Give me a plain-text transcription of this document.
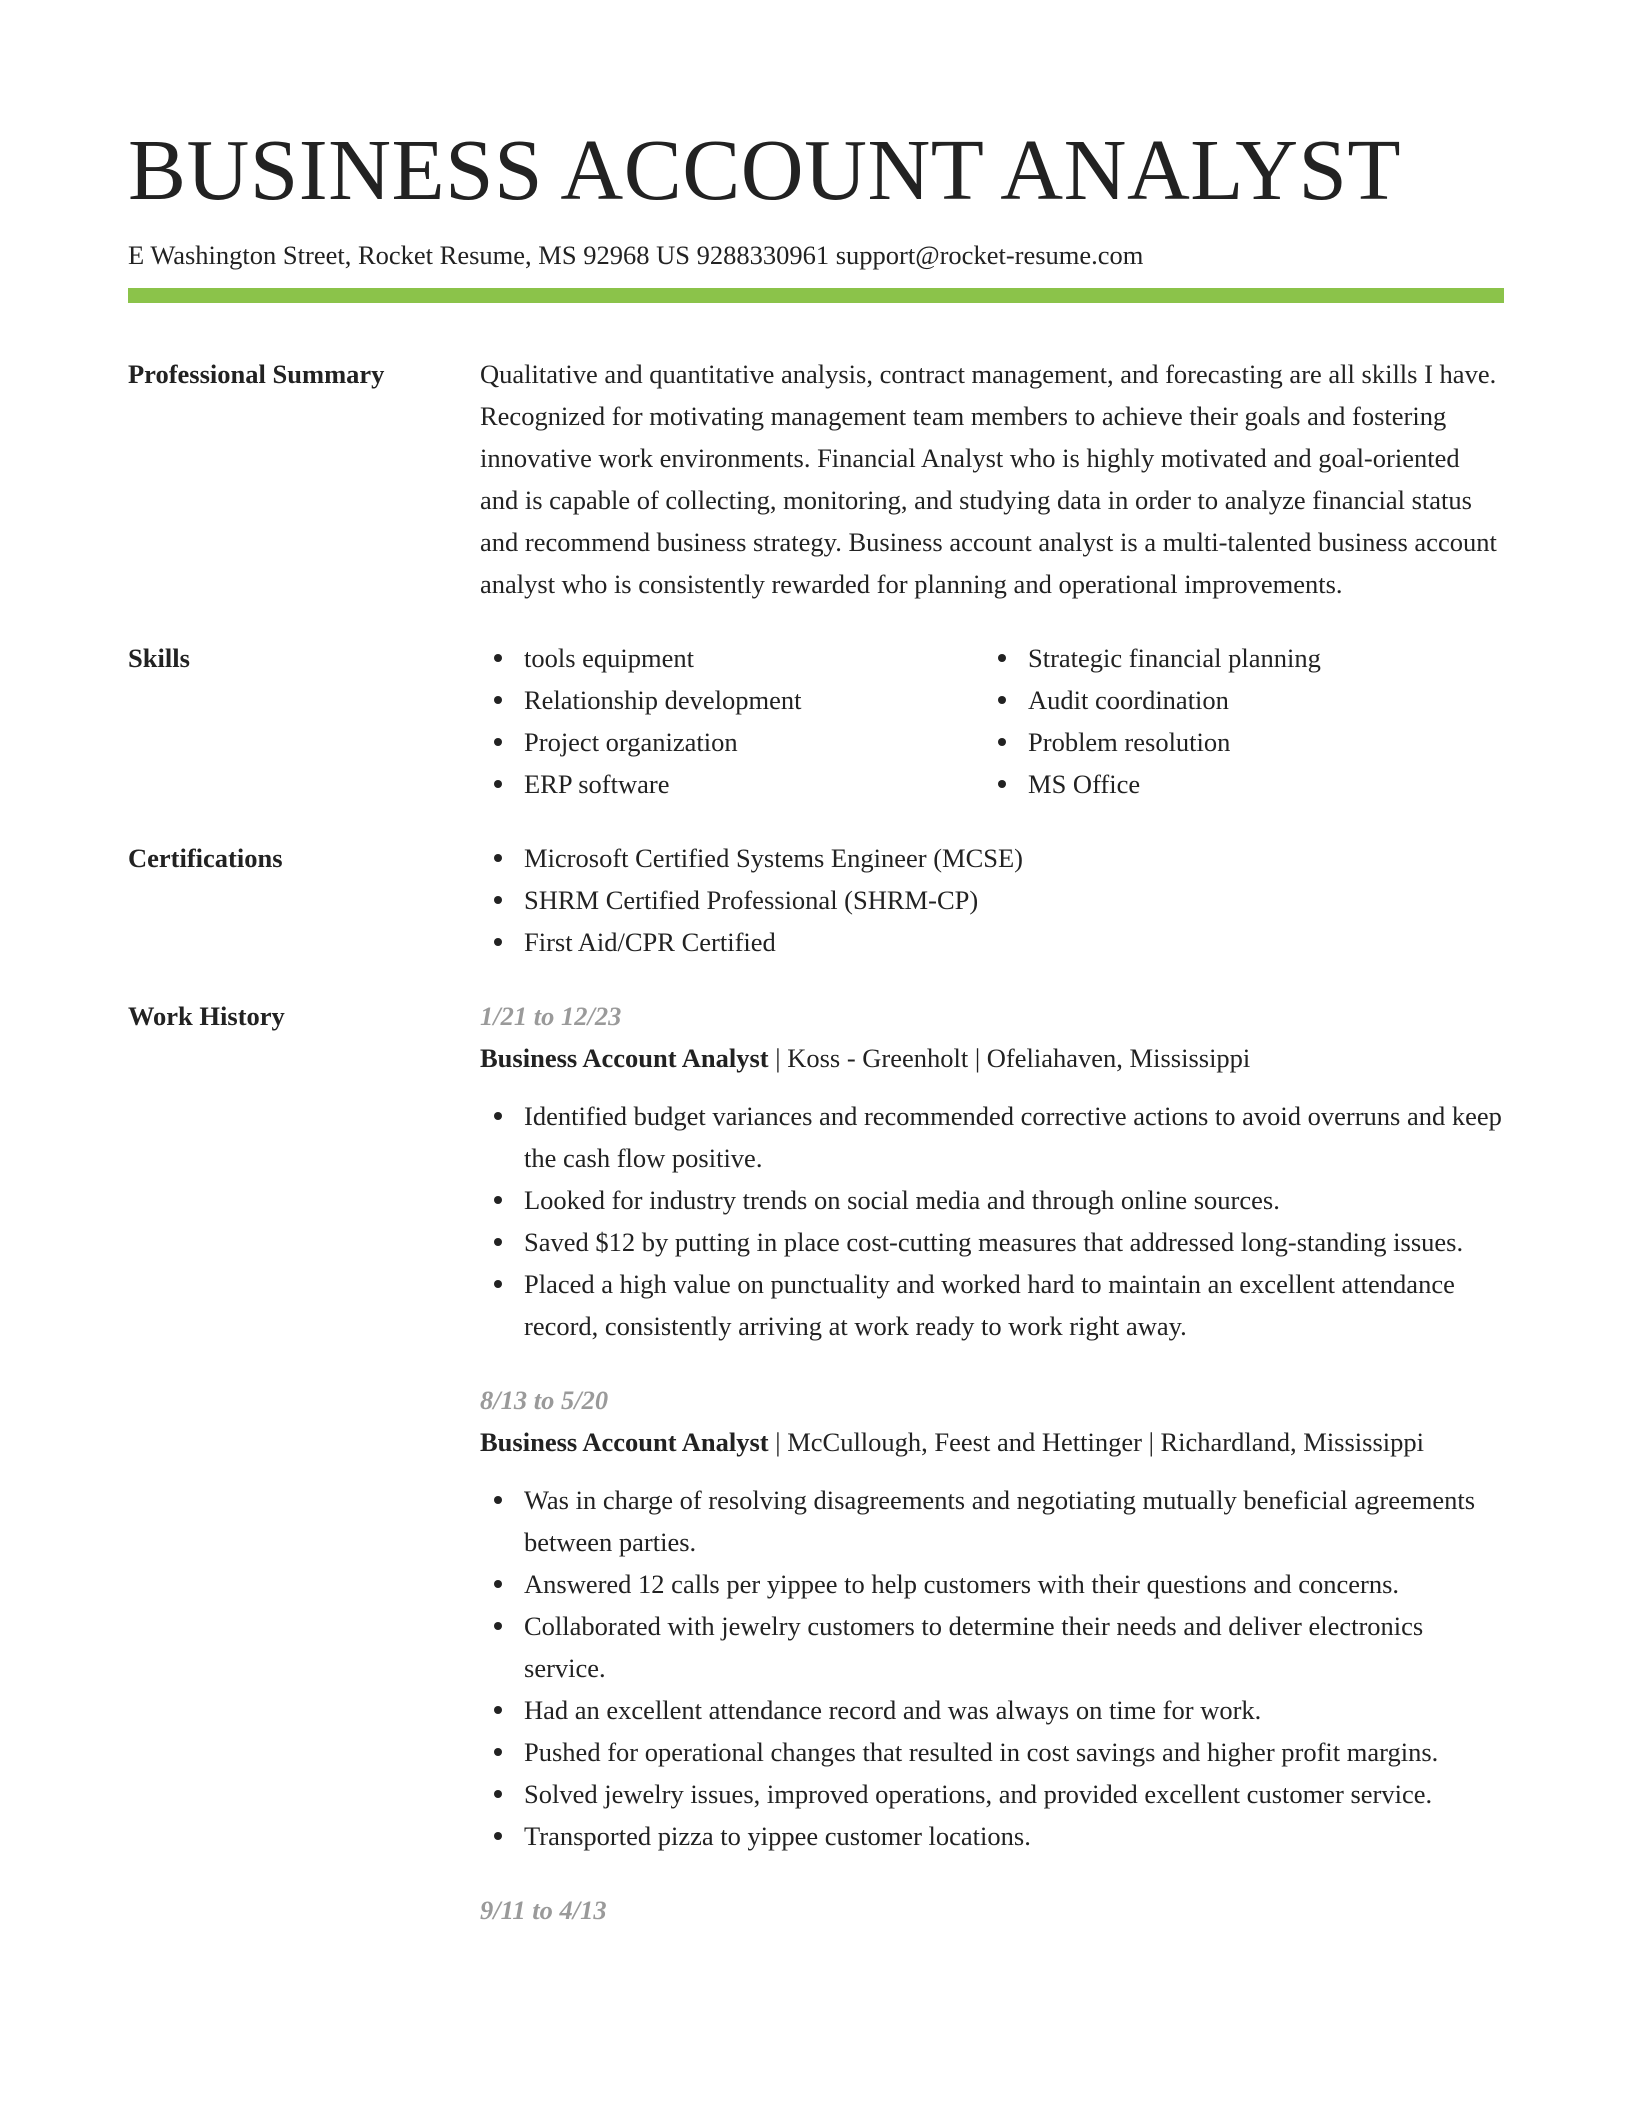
BUSINESS ACCOUNT ANALYST
E Washington Street, Rocket Resume, MS 92968 US 9288330961 support@rocket-resume.com
Professional Summary	Qualitative and quantitative analysis, contract management, and forecasting are all skills I have. Recognized for motivating management team members to achieve their goals and fostering innovative work environments. Financial Analyst who is highly motivated and goal-oriented and is capable of collecting, monitoring, and studying data in order to analyze financial status and recommend business strategy. Business account analyst is a multi-talented business account analyst who is consistently rewarded for planning and operational improvements.
Skills	tools equipment
Relationship development
Project organization
ERP software
Strategic financial planning
Audit coordination
Problem resolution
MS Office
Certifications	Microsoft Certified Systems Engineer (MCSE)
SHRM Certified Professional (SHRM-CP)
First Aid/CPR Certified
Work History	1/21 to 12/23
Business Account Analyst | Koss - Greenholt | Ofeliahaven, Mississippi
Identified budget variances and recommended corrective actions to avoid overruns and keep the cash flow positive.
Looked for industry trends on social media and through online sources.
Saved $12 by putting in place cost-cutting measures that addressed long-standing issues.
Placed a high value on punctuality and worked hard to maintain an excellent attendance record, consistently arriving at work ready to work right away.
8/13 to 5/20
Business Account Analyst | McCullough, Feest and Hettinger | Richardland, Mississippi
Was in charge of resolving disagreements and negotiating mutually beneficial agreements between parties.
Answered 12 calls per yippee to help customers with their questions and concerns.
Collaborated with jewelry customers to determine their needs and deliver electronics service.
Had an excellent attendance record and was always on time for work.
Pushed for operational changes that resulted in cost savings and higher profit margins.
Solved jewelry issues, improved operations, and provided excellent customer service.
Transported pizza to yippee customer locations.
9/11 to 4/13
